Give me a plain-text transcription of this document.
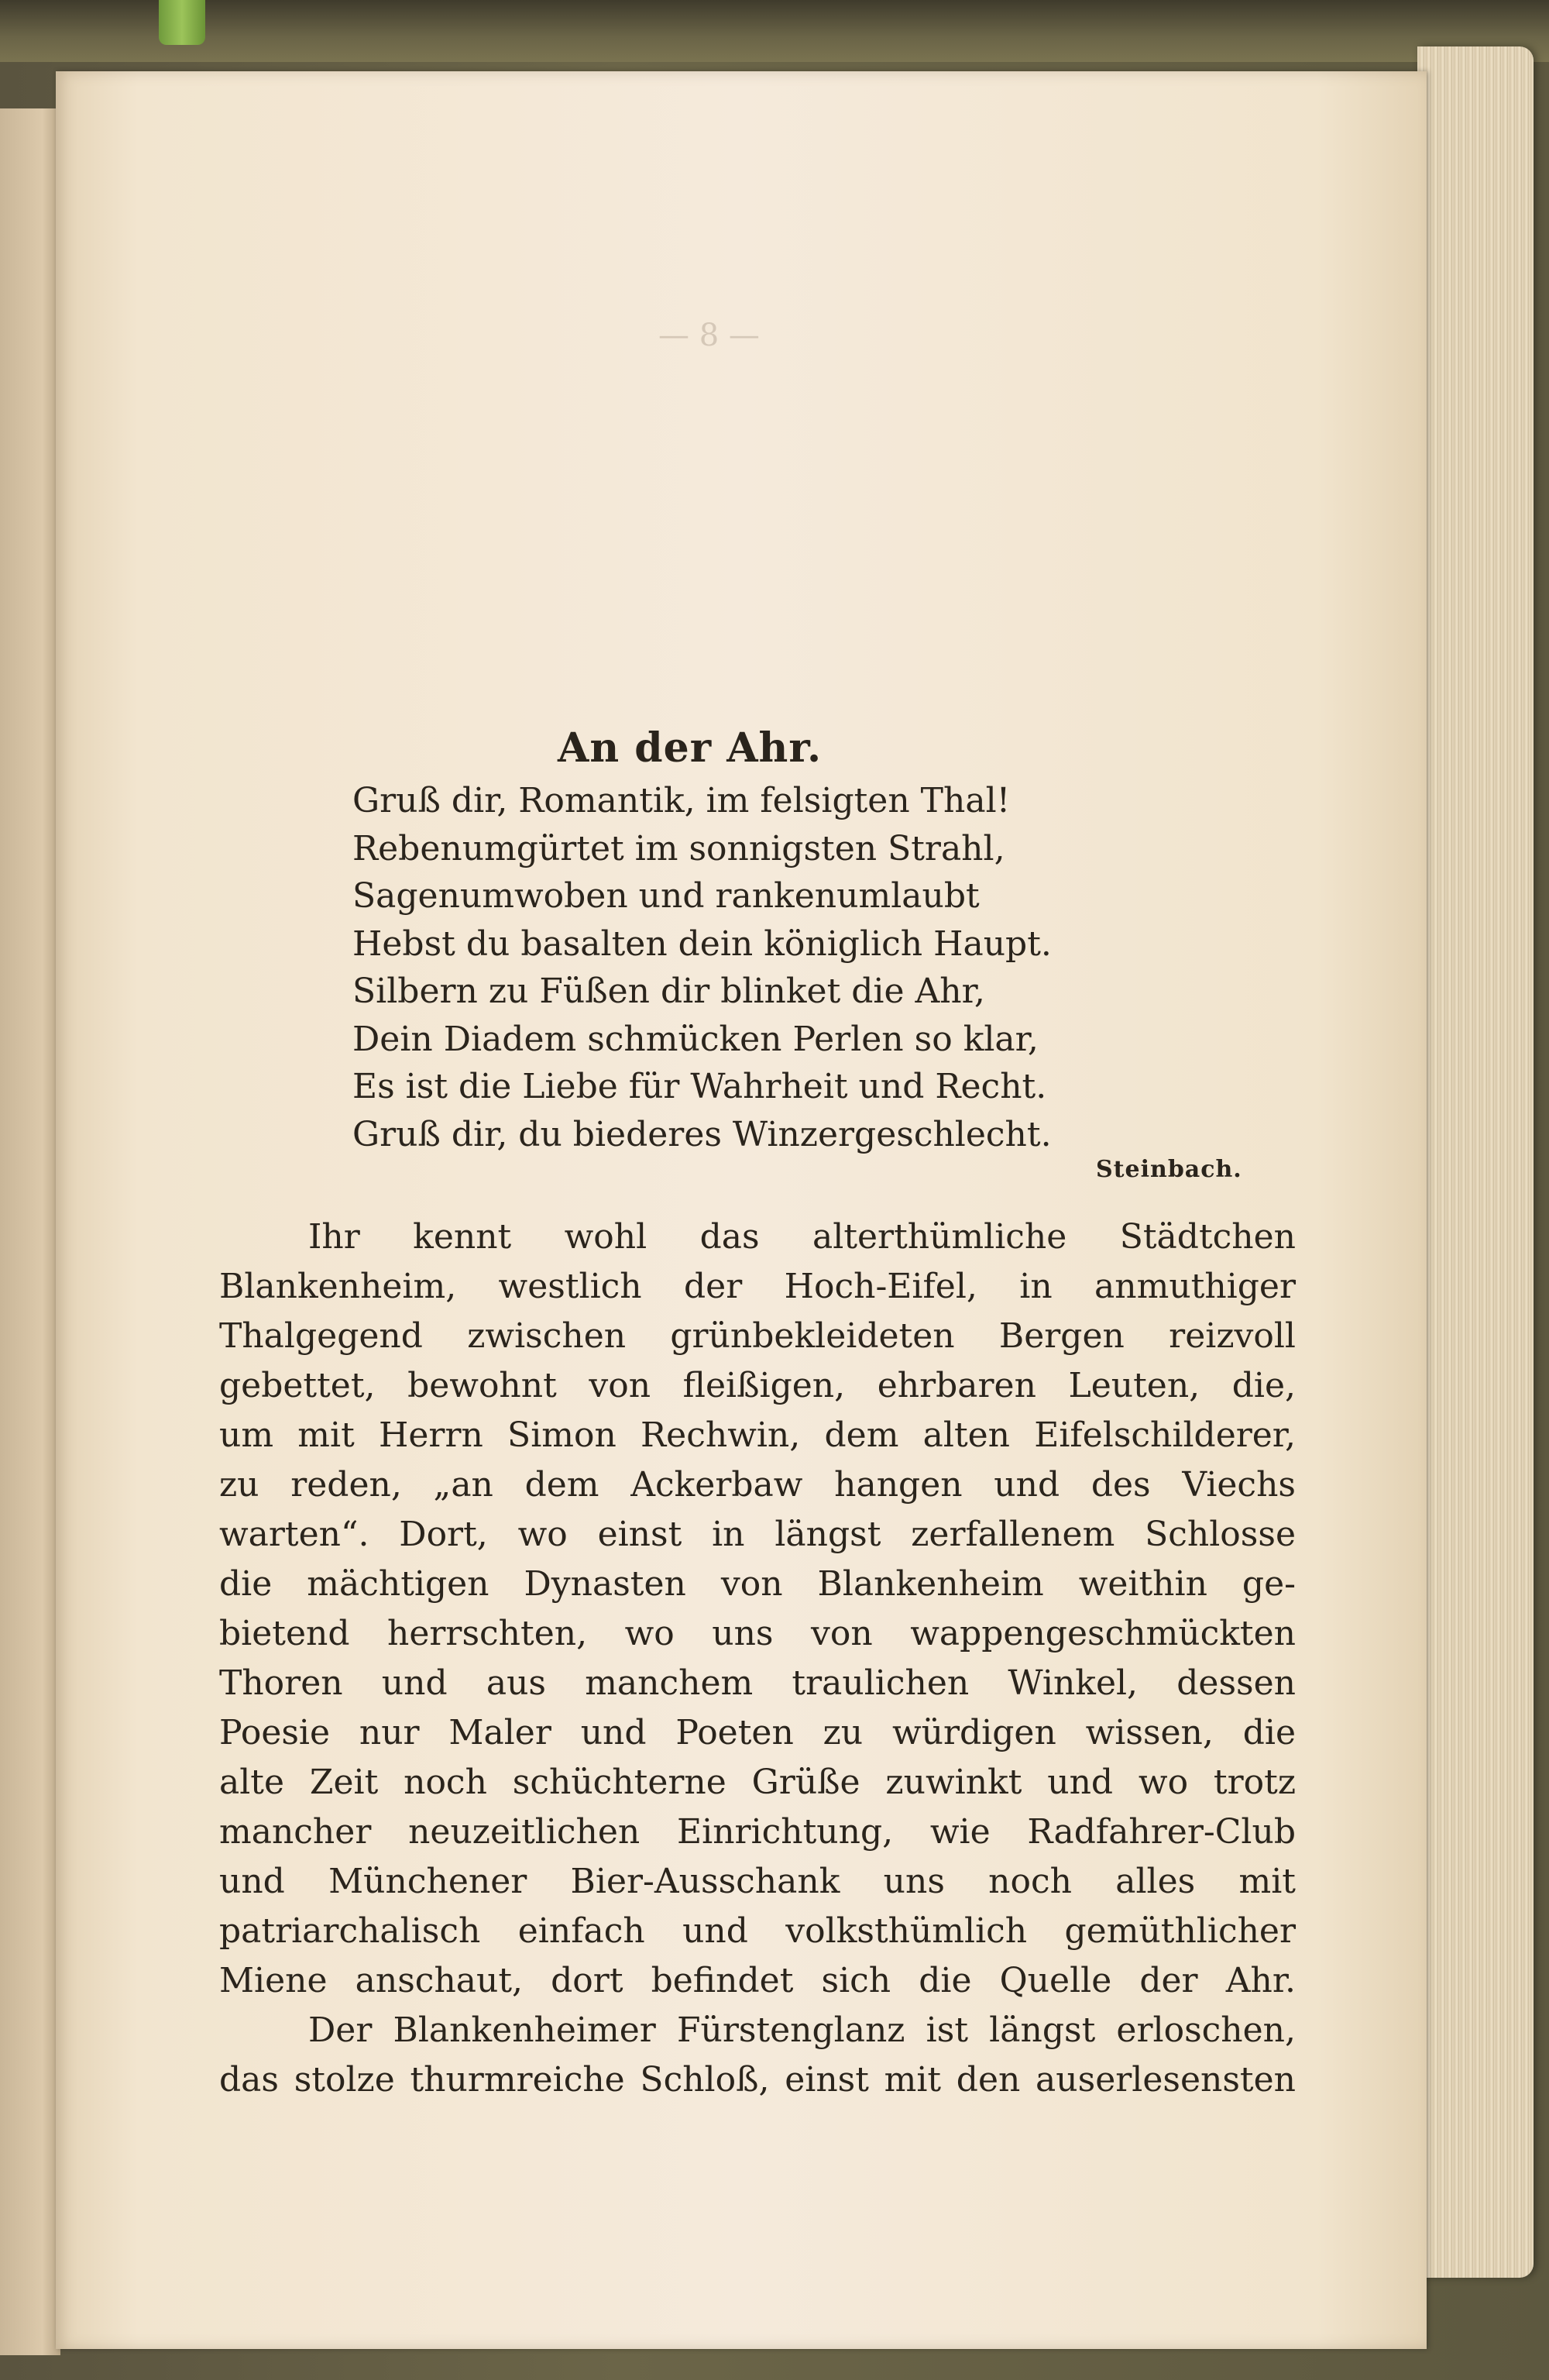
— 8 —
An der Ahr.
Gruß dir, Romantik, im felsigten Thal!
Rebenumgürtet im sonnigsten Strahl,
Sagenumwoben und rankenumlaubt
Hebst du basalten dein königlich Haupt.
Silbern zu Füßen dir blinket die Ahr,
Dein Diadem schmücken Perlen so klar,
Es ist die Liebe für Wahrheit und Recht.
Gruß dir, du biederes Winzergeschlecht.
Steinbach.
Ihr kennt wohl das alterthümliche Städtchen
Blankenheim, westlich der Hoch-Eifel, in anmuthiger
Thalgegend zwischen grünbekleideten Bergen reizvoll
gebettet, bewohnt von fleißigen, ehrbaren Leuten, die,
um mit Herrn Simon Rechwin, dem alten Eifelschilderer,
zu reden, „an dem Ackerbaw hangen und des Viechs
warten“. Dort, wo einst in längst zerfallenem Schlosse
die mächtigen Dynasten von Blankenheim weithin ge-
bietend herrschten, wo uns von wappengeschmückten
Thoren und aus manchem traulichen Winkel, dessen
Poesie nur Maler und Poeten zu würdigen wissen, die
alte Zeit noch schüchterne Grüße zuwinkt und wo trotz
mancher neuzeitlichen Einrichtung, wie Radfahrer-Club
und Münchener Bier-Ausschank uns noch alles mit
patriarchalisch einfach und volksthümlich gemüthlicher
Miene anschaut, dort befindet sich die Quelle der Ahr.
Der Blankenheimer Fürstenglanz ist längst erloschen,
das stolze thurmreiche Schloß, einst mit den auserlesensten
